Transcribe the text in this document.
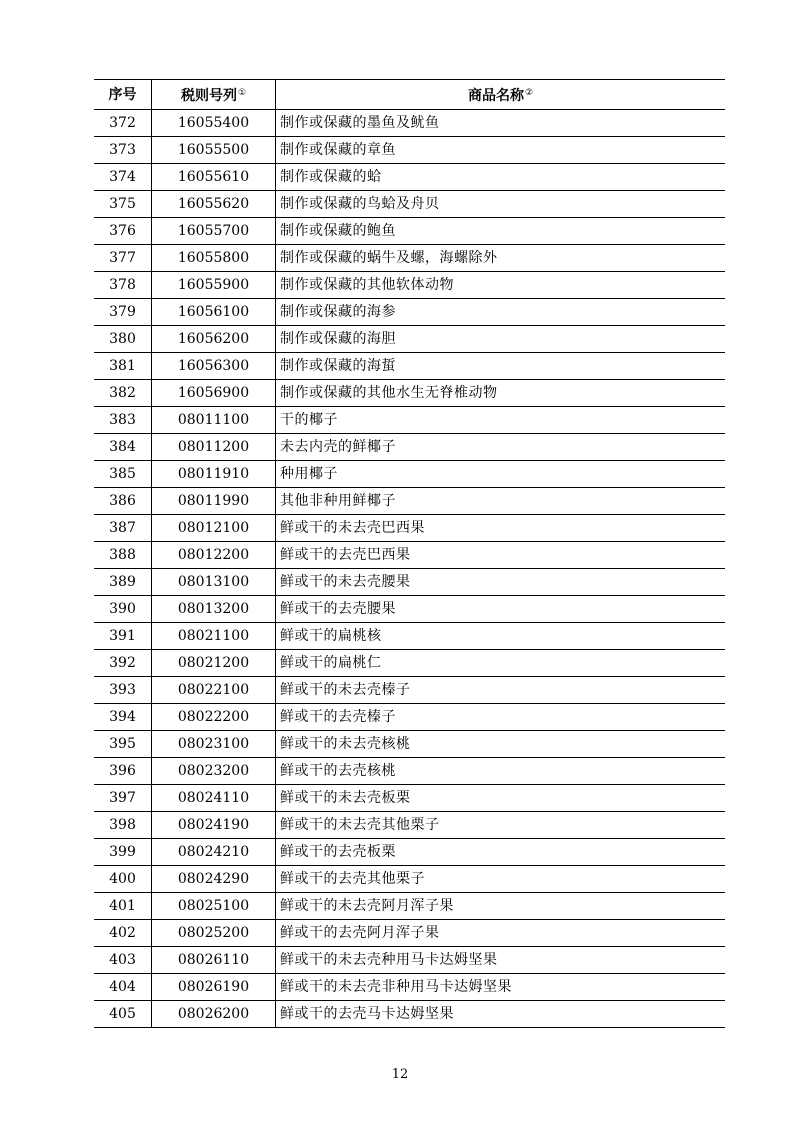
序号	税则号列①	商品名称②
372	16055400	制作或保藏的墨鱼及鱿鱼
373	16055500	制作或保藏的章鱼
374	16055610	制作或保藏的蛤
375	16055620	制作或保藏的鸟蛤及舟贝
376	16055700	制作或保藏的鲍鱼
377	16055800	制作或保藏的蜗牛及螺，海螺除外
378	16055900	制作或保藏的其他软体动物
379	16056100	制作或保藏的海参
380	16056200	制作或保藏的海胆
381	16056300	制作或保藏的海蜇
382	16056900	制作或保藏的其他水生无脊椎动物
383	08011100	干的椰子
384	08011200	未去内壳的鲜椰子
385	08011910	种用椰子
386	08011990	其他非种用鲜椰子
387	08012100	鲜或干的未去壳巴西果
388	08012200	鲜或干的去壳巴西果
389	08013100	鲜或干的未去壳腰果
390	08013200	鲜或干的去壳腰果
391	08021100	鲜或干的扁桃核
392	08021200	鲜或干的扁桃仁
393	08022100	鲜或干的未去壳榛子
394	08022200	鲜或干的去壳榛子
395	08023100	鲜或干的未去壳核桃
396	08023200	鲜或干的去壳核桃
397	08024110	鲜或干的未去壳板栗
398	08024190	鲜或干的未去壳其他栗子
399	08024210	鲜或干的去壳板栗
400	08024290	鲜或干的去壳其他栗子
401	08025100	鲜或干的未去壳阿月浑子果
402	08025200	鲜或干的去壳阿月浑子果
403	08026110	鲜或干的未去壳种用马卡达姆坚果
404	08026190	鲜或干的未去壳非种用马卡达姆坚果
405	08026200	鲜或干的去壳马卡达姆坚果
12
